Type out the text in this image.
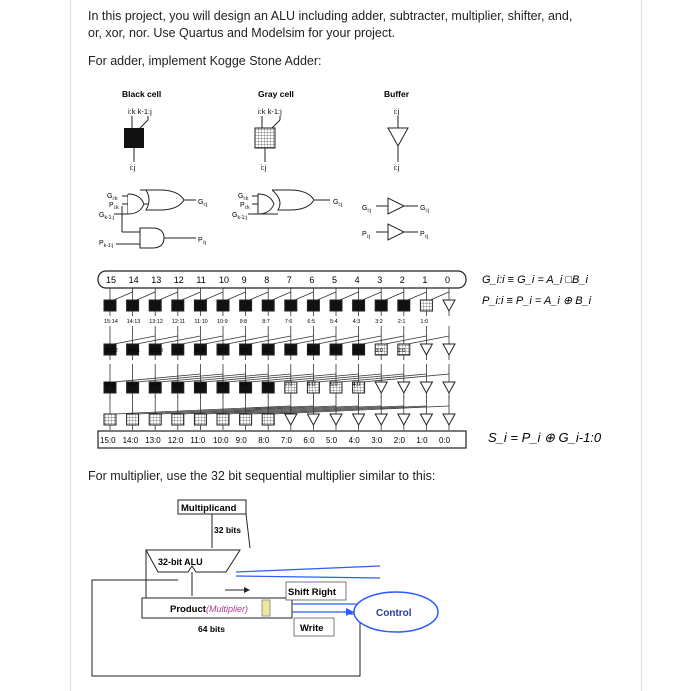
In this project, you will design an ALU including adder, subtracter, multiplier, shifter, and,
or, xor, nor. Use Quartus and Modelsim for your project.
For adder, implement Kogge Stone Adder:
Black cell
i:k k-1:j
i:j
Gray cell
i:k k-1:j
i:j
Buffer
i:j
i:j
$G_{i:k}$
$P_{i:k}$
$G_{k-1:j}$
$P_{k-1:j}$
$G_{i:j}$
$P_{i:j}$
$G_{i:k}$
$P_{i:k}$
$G_{k-1:j}$
$G_{i:j}$	$G_{i:j}$	$G_{i:j}$
$P_{i:j}$	$P_{i:j}$
15 14 13 12 11 10 9 8 7 6 5 4 3 2 1 0
15:14 14:13 13:12 12:11 11:10 10:9 9:8	8:7	7:6	6:5	5:4	4:3	3:2	2:1	1:0
15:12 14:11 13:10 12:9 11:8 10:7 9:6	8:5	7:4	6:3	5:2	4:1	3:0	2:0
15:8 14:7 13:6 12:5 11:4 10:3 9:2	8:1	7:0	6:0	5:0	4:0
15:0 14:0 13:0 12:0 11:0 10:0 9:0 8:0 7:0 6:0 5:0 4:0 3:0 2:0 1:0 0:0
G_i:i ≡ G_i = A_i □B_i
P_i:i ≡ P_i = A_i ⊕ B_i
S_i = P_i ⊕ G_i-1:0
Multiplicand
32 bits
32-bit ALU
Product (Multiplier)
64 bits
Shift Right
Write
Control
For multiplier, use the 32 bit sequential multiplier similar to this:
